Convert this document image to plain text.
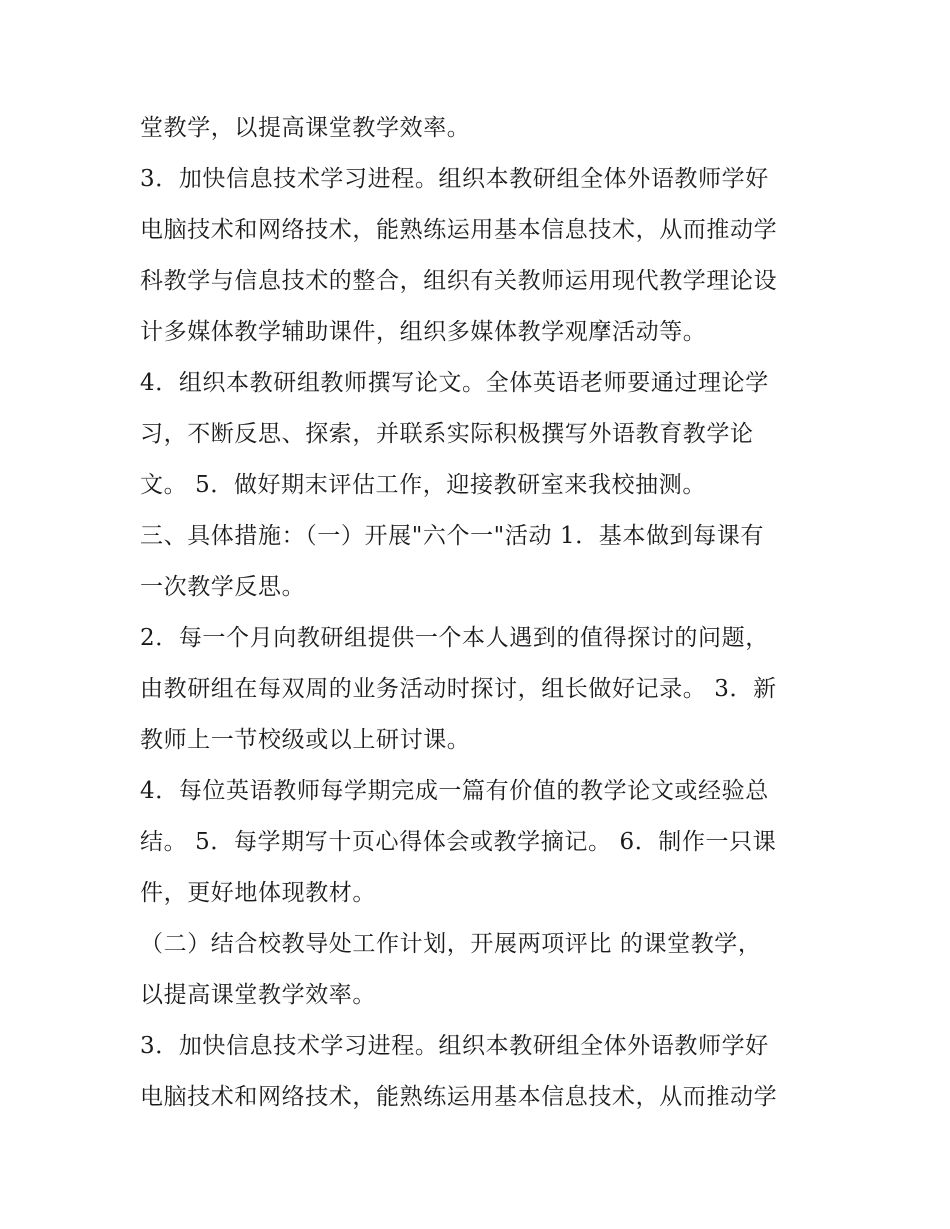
堂教学，以提高课堂教学效率。
3．加快信息技术学习进程。组织本教研组全体外语教师学好
电脑技术和网络技术，能熟练运用基本信息技术，从而推动学
科教学与信息技术的整合，组织有关教师运用现代教学理论设
计多媒体教学辅助课件，组织多媒体教学观摩活动等。
4．组织本教研组教师撰写论文。全体英语老师要通过理论学
习，不断反思、探索，并联系实际积极撰写外语教育教学论
文。 5．做好期末评估工作，迎接教研室来我校抽测。
三、具体措施：（一）开展"六个一"活动 1．基本做到每课有
一次教学反思。
2．每一个月向教研组提供一个本人遇到的值得探讨的问题，
由教研组在每双周的业务活动时探讨，组长做好记录。 3．新
教师上一节校级或以上研讨课。
4．每位英语教师每学期完成一篇有价值的教学论文或经验总
结。 5．每学期写十页心得体会或教学摘记。 6．制作一只课
件，更好地体现教材。
（二）结合校教导处工作计划，开展两项评比 的课堂教学，
以提高课堂教学效率。
3．加快信息技术学习进程。组织本教研组全体外语教师学好
电脑技术和网络技术，能熟练运用基本信息技术，从而推动学
